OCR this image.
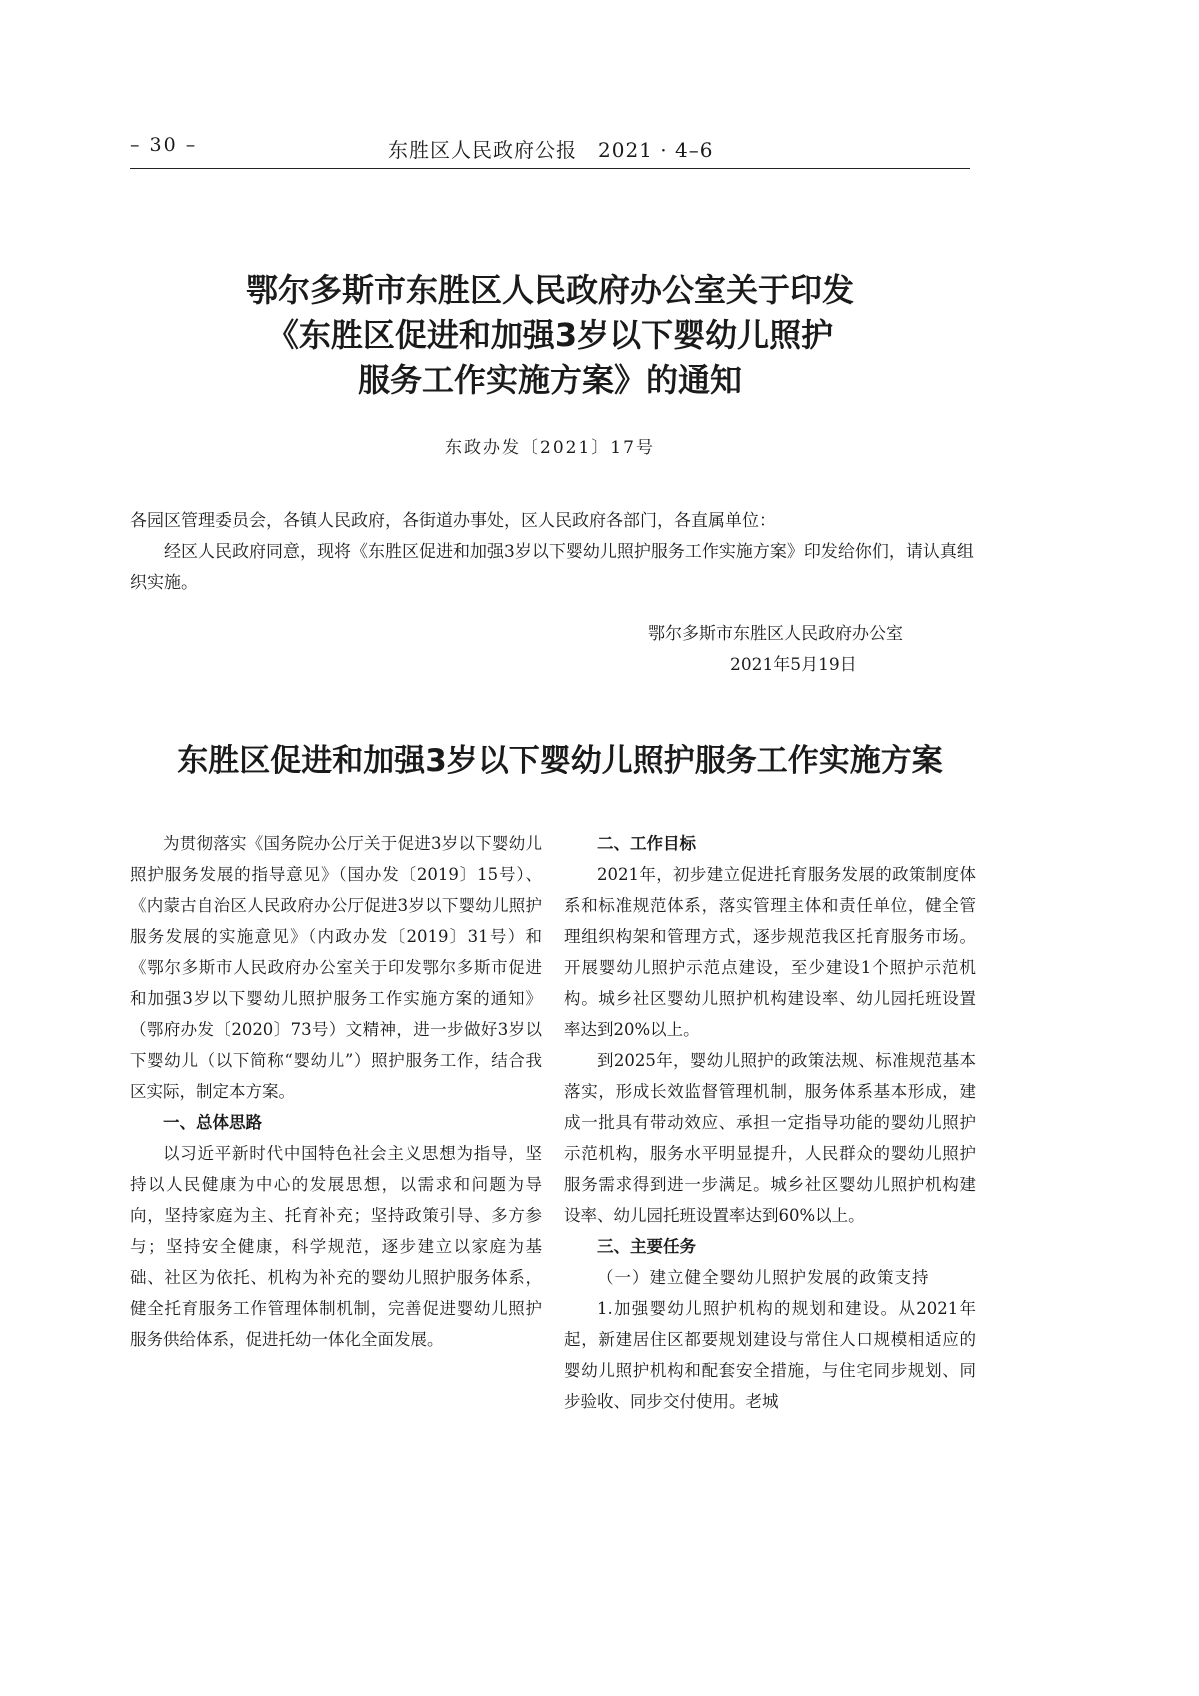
– 30 –	东胜区人民政府公报　2021 · 4–6
鄂尔多斯市东胜区人民政府办公室关于印发
《东胜区促进和加强3岁以下婴幼儿照护
服务工作实施方案》的通知
东政办发〔2021〕17号

各园区管理委员会，各镇人民政府，各街道办事处，区人民政府各部门，各直属单位：

经区人民政府同意，现将《东胜区促进和加强3岁以下婴幼儿照护服务工作实施方案》印发给你们，请认真组织实施。

鄂尔多斯市东胜区人民政府办公室
2021年5月19日
东胜区促进和加强3岁以下婴幼儿照护服务工作实施方案

为贯彻落实《国务院办公厅关于促进3岁以下婴幼儿照护服务发展的指导意见》（国办发〔2019〕15号）、《内蒙古自治区人民政府办公厅促进3岁以下婴幼儿照护服务发展的实施意见》（内政办发〔2019〕31号）和《鄂尔多斯市人民政府办公室关于印发鄂尔多斯市促进和加强3岁以下婴幼儿照护服务工作实施方案的通知》（鄂府办发〔2020〕73号）文精神，进一步做好3岁以下婴幼儿（以下简称“婴幼儿”）照护服务工作，结合我区实际，制定本方案。

一、总体思路

以习近平新时代中国特色社会主义思想为指导，坚持以人民健康为中心的发展思想，以需求和问题为导向，坚持家庭为主、托育补充；坚持政策引导、多方参与；坚持安全健康，科学规范，逐步建立以家庭为基础、社区为依托、机构为补充的婴幼儿照护服务体系，健全托育服务工作管理体制机制，完善促进婴幼儿照护服务供给体系，促进托幼一体化全面发展。

二、工作目标

2021年，初步建立促进托育服务发展的政策制度体系和标准规范体系，落实管理主体和责任单位，健全管理组织构架和管理方式，逐步规范我区托育服务市场。开展婴幼儿照护示范点建设，至少建设1个照护示范机构。城乡社区婴幼儿照护机构建设率、幼儿园托班设置率达到20%以上。

到2025年，婴幼儿照护的政策法规、标准规范基本落实，形成长效监督管理机制，服务体系基本形成，建成一批具有带动效应、承担一定指导功能的婴幼儿照护示范机构，服务水平明显提升，人民群众的婴幼儿照护服务需求得到进一步满足。城乡社区婴幼儿照护机构建设率、幼儿园托班设置率达到60%以上。

三、主要任务

（一）建立健全婴幼儿照护发展的政策支持

1.加强婴幼儿照护机构的规划和建设。从2021年起，新建居住区都要规划建设与常住人口规模相适应的婴幼儿照护机构和配套安全措施，与住宅同步规划、同步验收、同步交付使用。老城
